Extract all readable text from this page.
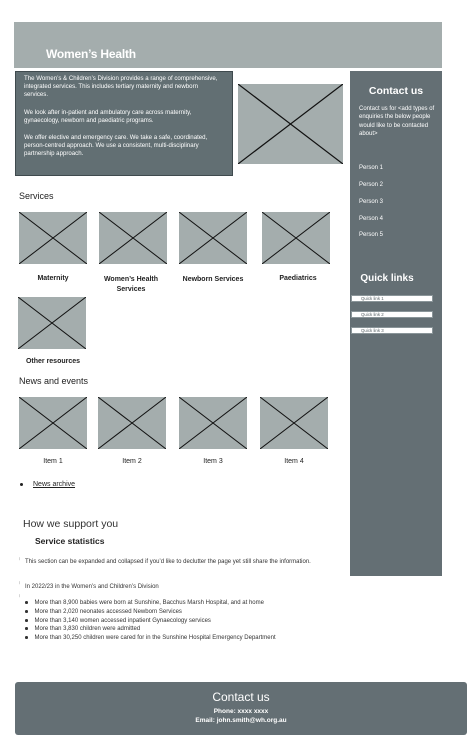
Women’s Health

The Women’s & Children’s Division provides a range of comprehensive, integrated services. This includes tertiary maternity and newborn services.

We look after in-patient and ambulatory care across maternity, gynaecology, newborn and paediatric programs.

We offer elective and emergency care. We take a safe, coordinated, person-centred approach. We use a consistent, multi-disciplinary partnership approach.

Contact us
Contact us for <add types of enquiries the below people would like to be contacted about>
Person 1
Person 2
Person 3
Person 4
Person 5
Quick links
Quick link 1
Quick link 2
Quick link 3
Services
Maternity	Women’s Health Services
Newborn Services	Paediatrics
Other resources
News and events
Item 1	Item 2	Item 3	Item 4
News archive
How we support you
Service statistics
⁝
This section can be expanded and collapsed if you’d like to declutter the page yet still share the information.
⁝
In 2022/23 in the Women’s and Children’s Division
⁝
More than 8,900 babies were born at Sunshine, Bacchus Marsh Hospital, and at home
More than 2,020 neonates accessed Newborn Services
More than 3,140 women accessed inpatient Gynaecology services
More than 3,830 children were admitted
More than 30,250 children were cared for in the Sunshine Hospital Emergency Department
Contact us
Phone: xxxx xxxx
Email: john.smith@wh.org.au
